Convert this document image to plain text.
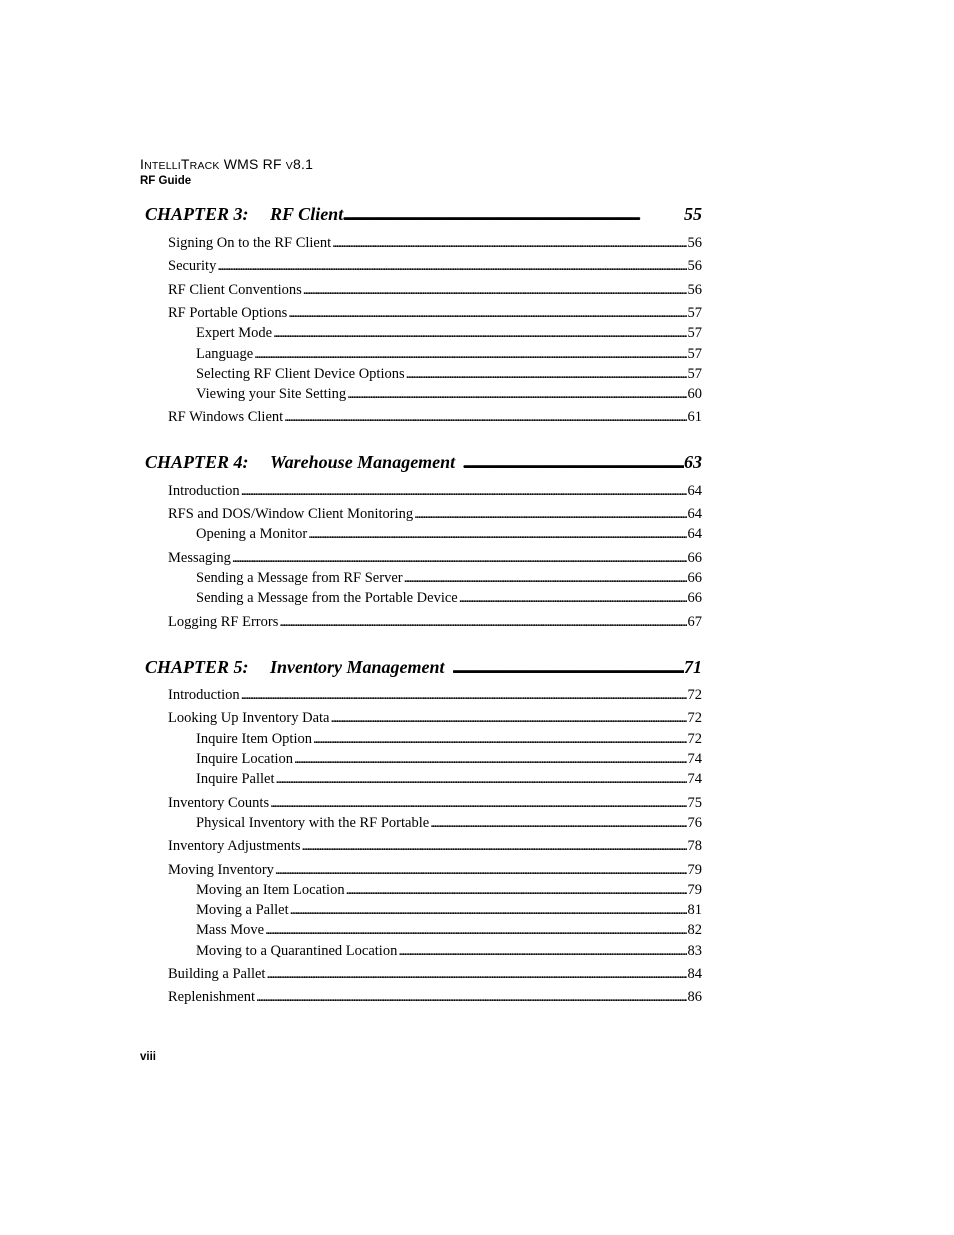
INTELLITRACK WMS RF V8.1
RF Guide
CHAPTER 3: RF Client .....	55
Signing On to the RF Client .....	56
Security .....	56
RF Client Conventions .....	56
RF Portable Options .....	57
Expert Mode .....	57
Language .....	57
Selecting RF Client Device Options .....	57
Viewing your Site Setting .....	60
RF Windows Client .....	61
CHAPTER 4: Warehouse Management .....	63
Introduction .....	64
RFS and DOS/Window Client Monitoring .....	64
Opening a Monitor .....	64
Messaging .....	66
Sending a Message from RF Server .....	66
Sending a Message from the Portable Device .....	66
Logging RF Errors .....	67
CHAPTER 5: Inventory Management .....	71
Introduction .....	72
Looking Up Inventory Data .....	72
Inquire Item Option .....	72
Inquire Location .....	74
Inquire Pallet .....	74
Inventory Counts .....	75
Physical Inventory with the RF Portable .....	76
Inventory Adjustments .....	78
Moving Inventory .....	79
Moving an Item Location .....	79
Moving a Pallet .....	81
Mass Move .....	82
Moving to a Quarantined Location .....	83
Building a Pallet .....	84
Replenishment .....	86
viii
